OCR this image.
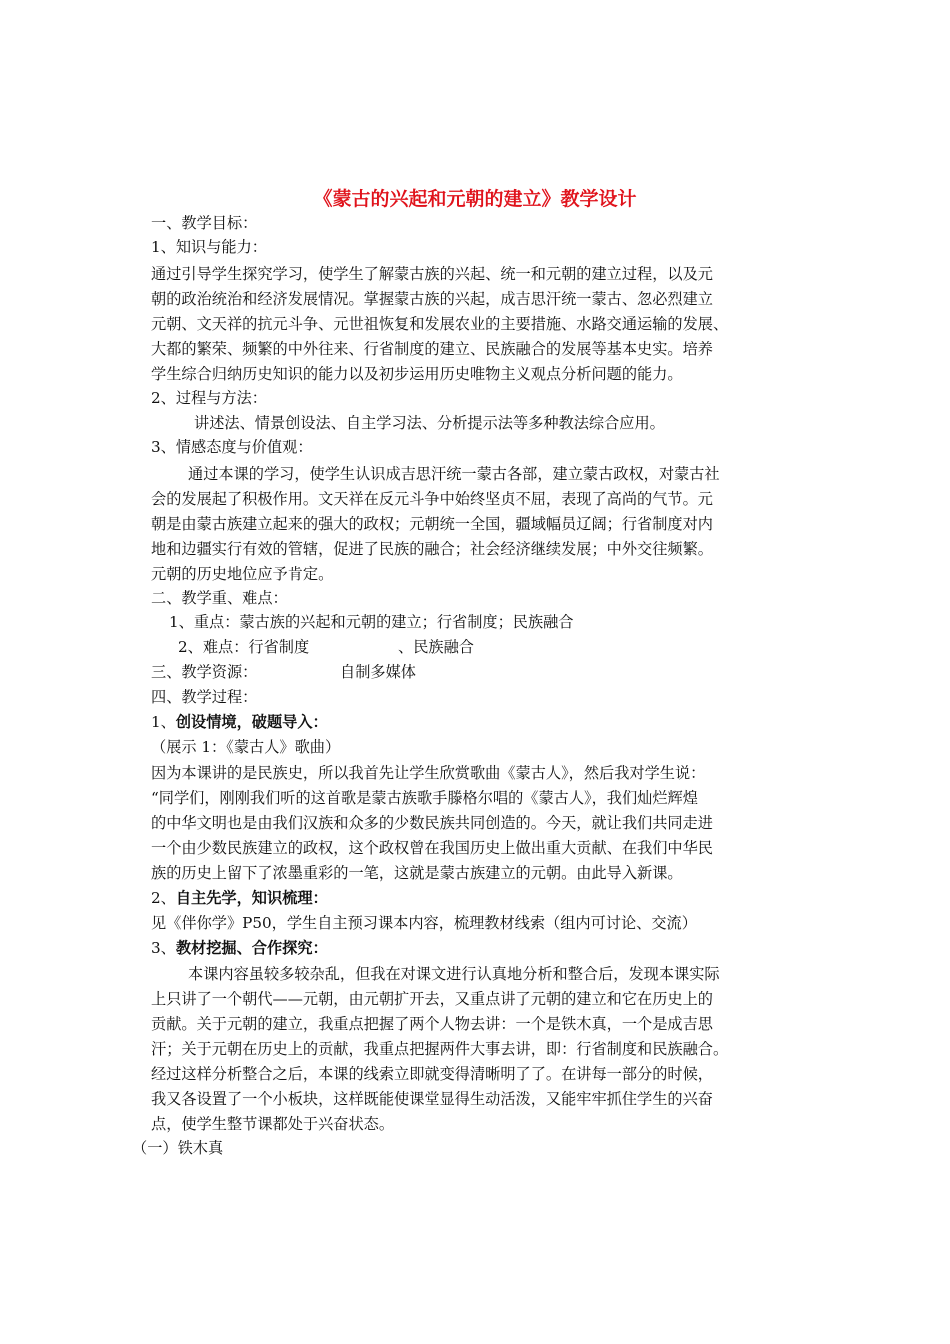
《蒙古的兴起和元朝的建立》教学设计
一、教学目标：
1、知识与能力：
通过引导学生探究学习，使学生了解蒙古族的兴起、统一和元朝的建立过程，以及元
朝的政治统治和经济发展情况。掌握蒙古族的兴起，成吉思汗统一蒙古、忽必烈建立
元朝、文天祥的抗元斗争、元世祖恢复和发展农业的主要措施、水路交通运输的发展、
大都的繁荣、频繁的中外往来、行省制度的建立、民族融合的发展等基本史实。培养
学生综合归纳历史知识的能力以及初步运用历史唯物主义观点分析问题的能力。
2、过程与方法：
讲述法、情景创设法、自主学习法、分析提示法等多种教法综合应用。
3、情感态度与价值观：
通过本课的学习，使学生认识成吉思汗统一蒙古各部，建立蒙古政权，对蒙古社
会的发展起了积极作用。文天祥在反元斗争中始终坚贞不屈，表现了高尚的气节。元
朝是由蒙古族建立起来的强大的政权；元朝统一全国，疆域幅员辽阔；行省制度对内
地和边疆实行有效的管辖，促进了民族的融合；社会经济继续发展；中外交往频繁。
元朝的历史地位应予肯定。
二、教学重、难点：
1、重点：蒙古族的兴起和元朝的建立；行省制度；民族融合
2、难点：行省制度	、民族融合
三、教学资源：	自制多媒体
四、教学过程：
1、创设情境，破题导入：
（展示 1：《蒙古人》歌曲）
因为本课讲的是民族史，所以我首先让学生欣赏歌曲《蒙古人》，然后我对学生说：
“同学们，刚刚我们听的这首歌是蒙古族歌手滕格尔唱的《蒙古人》，我们灿烂辉煌
的中华文明也是由我们汉族和众多的少数民族共同创造的。今天，就让我们共同走进
一个由少数民族建立的政权，这个政权曾在我国历史上做出重大贡献、在我们中华民
族的历史上留下了浓墨重彩的一笔，这就是蒙古族建立的元朝。由此导入新课。
2、自主先学，知识梳理：
见《伴你学》P50，学生自主预习课本内容，梳理教材线索（组内可讨论、交流）
3、教材挖掘、合作探究：
本课内容虽较多较杂乱，但我在对课文进行认真地分析和整合后，发现本课实际
上只讲了一个朝代——元朝，由元朝扩开去，又重点讲了元朝的建立和它在历史上的
贡献。关于元朝的建立，我重点把握了两个人物去讲：一个是铁木真，一个是成吉思
汗；关于元朝在历史上的贡献，我重点把握两件大事去讲，即：行省制度和民族融合。
经过这样分析整合之后，本课的线索立即就变得清晰明了了。在讲每一部分的时候，
我又各设置了一个小板块，这样既能使课堂显得生动活泼，又能牢牢抓住学生的兴奋
点，使学生整节课都处于兴奋状态。
（一）铁木真
